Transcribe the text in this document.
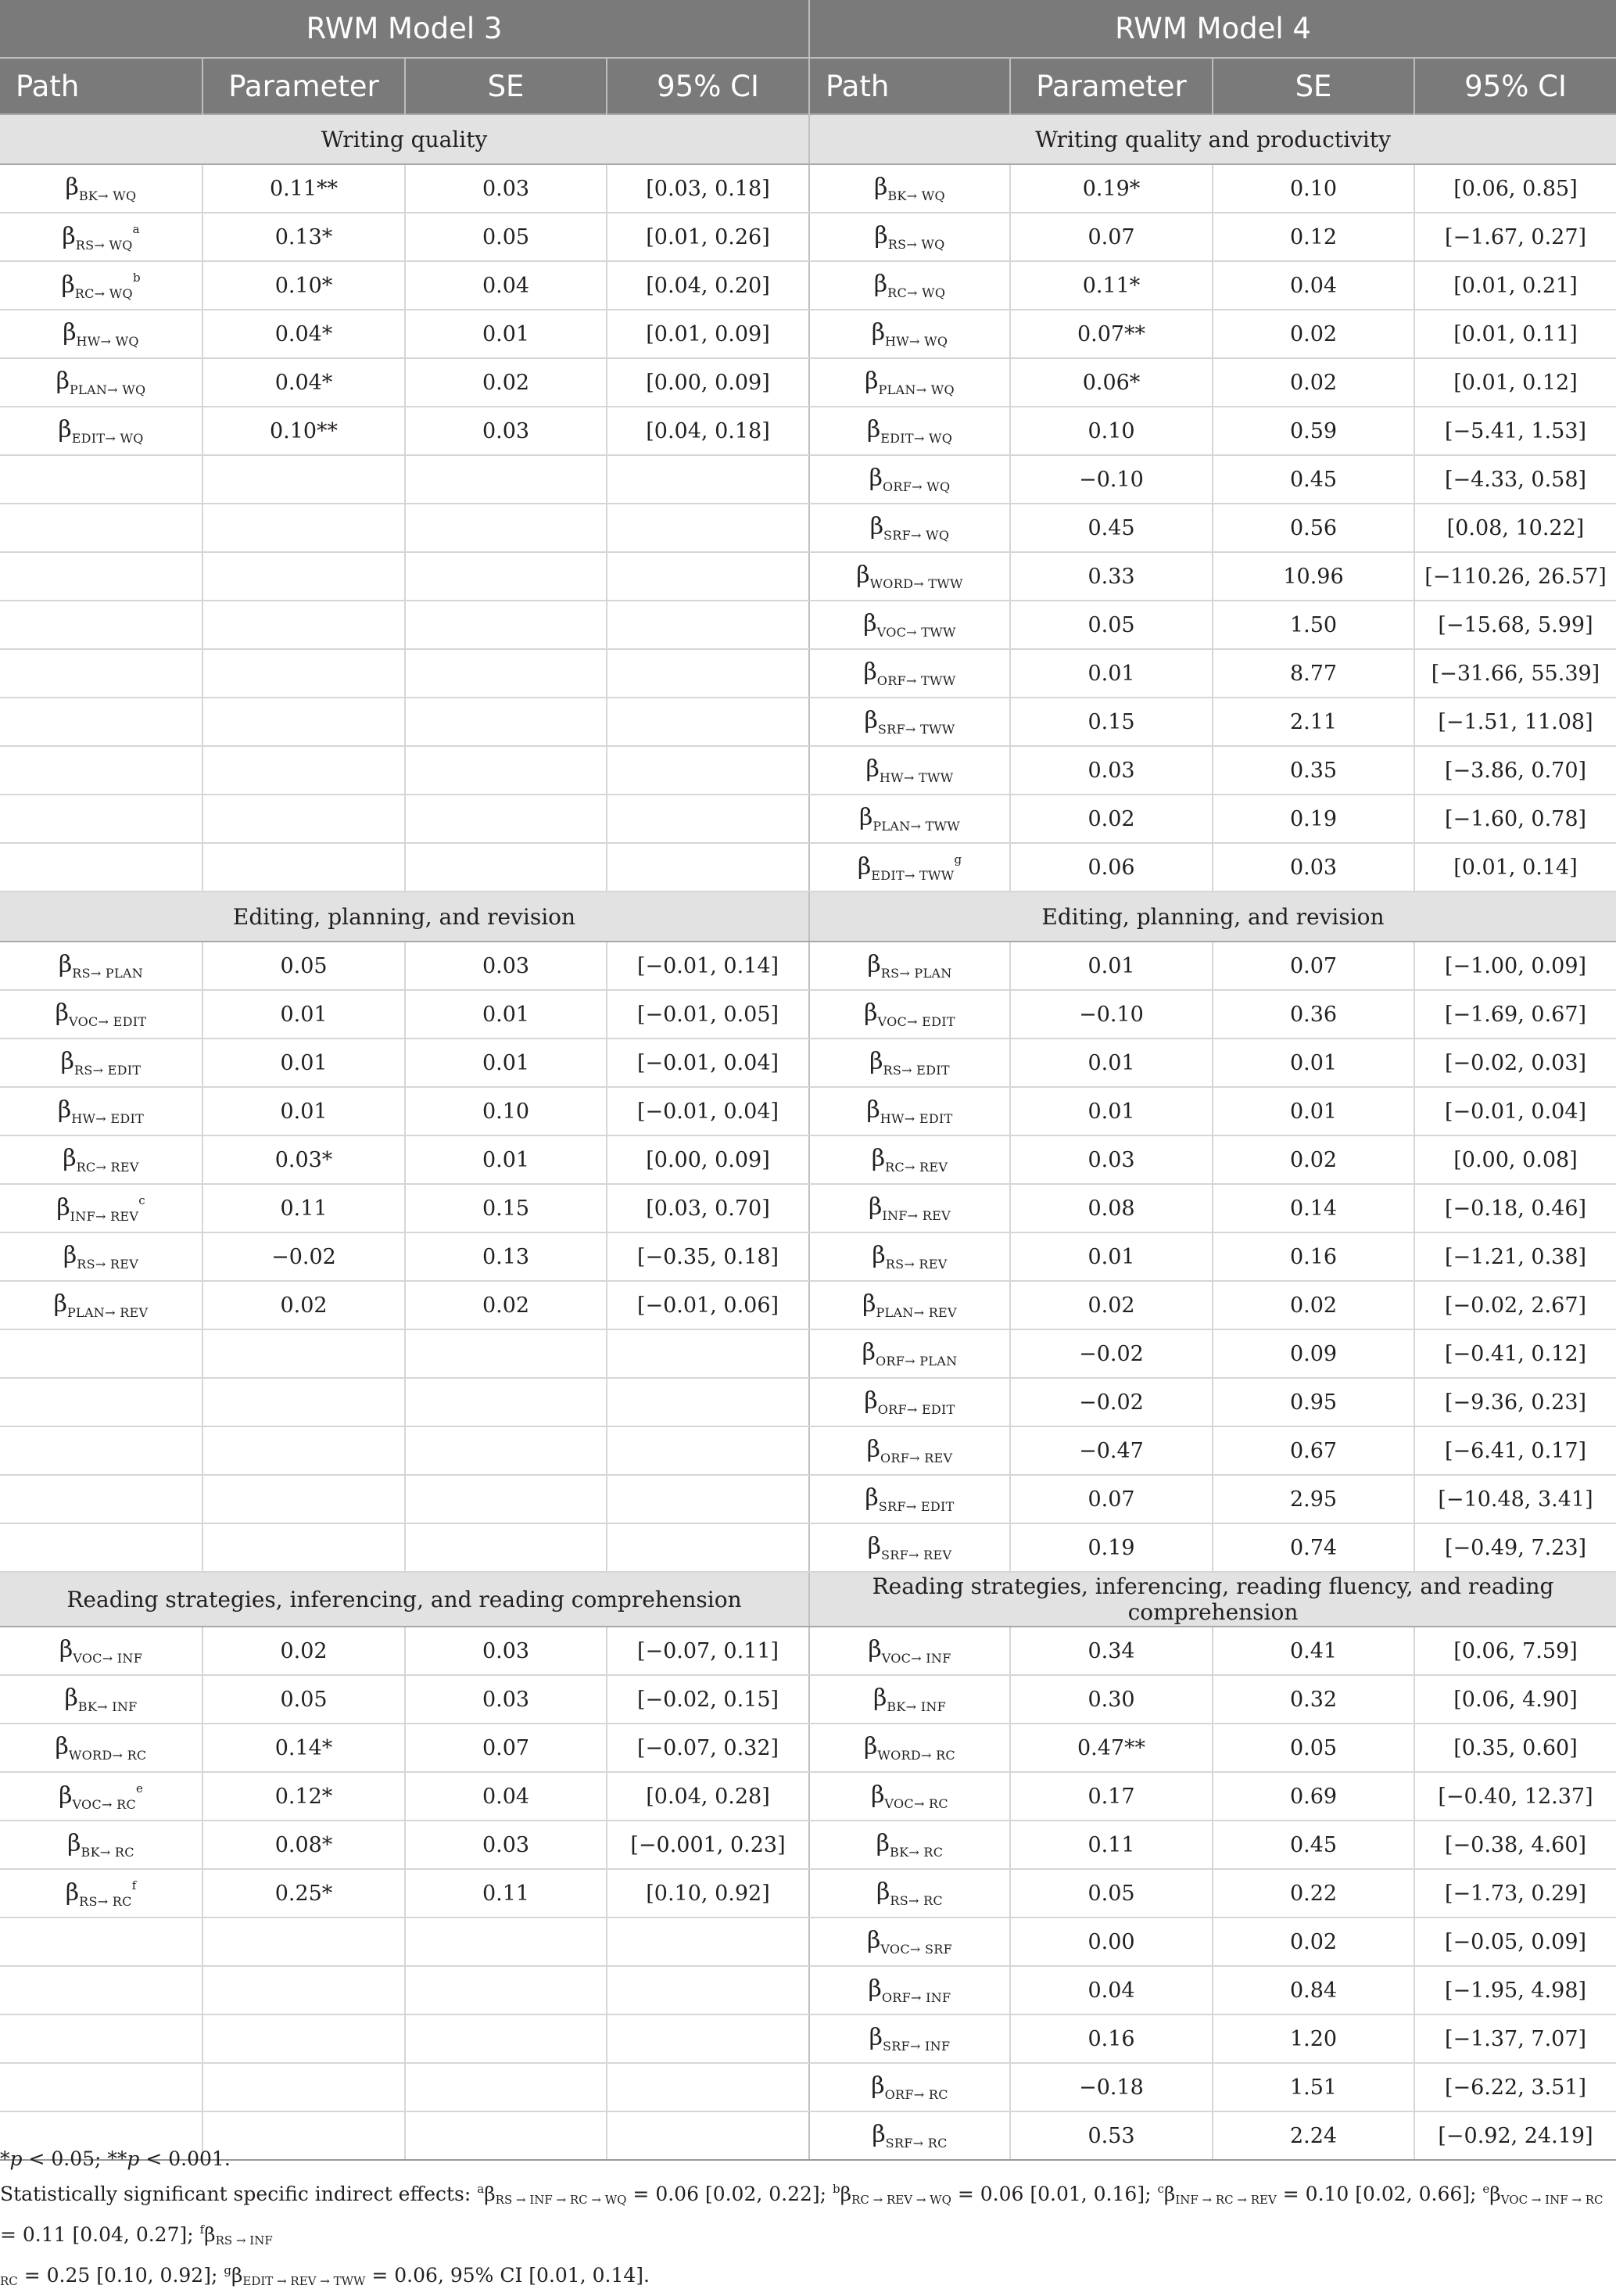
RWM Model 3				RWM Model 4			
Path	Parameter	SE	95% CI	Path	Parameter	SE	95% CI
Writing quality				Writing quality and productivity			
$\beta_{BK\to WQ}$	0.11**	0.03	[0.03, 0.18]	$\beta_{BK\to WQ}$	0.19*	0.10	[0.06, 0.85]
$\beta_{RS\to WQ}^a$	0.13*	0.05	[0.01, 0.26]	$\beta_{RS\to WQ}$	0.07	0.12	[−1.67, 0.27]
$\beta_{RC\to WQ}^b$	0.10*	0.04	[0.04, 0.20]	$\beta_{RC\to WQ}$	0.11*	0.04	[0.01, 0.21]
$\beta_{HW\to WQ}$	0.04*	0.01	[0.01, 0.09]	$\beta_{HW\to WQ}$	0.07**	0.02	[0.01, 0.11]
$\beta_{PLAN\to WQ}$	0.04*	0.02	[0.00, 0.09]	$\beta_{PLAN\to WQ}$	0.06*	0.02	[0.01, 0.12]
$\beta_{EDIT\to WQ}$	0.10**	0.03	[0.04, 0.18]	$\beta_{EDIT\to WQ}$	0.10	0.59	[−5.41, 1.53]
				$\beta_{ORF\to WQ}$	−0.10	0.45	[−4.33, 0.58]
				$\beta_{SRF\to WQ}$	0.45	0.56	[0.08, 10.22]
				$\beta_{WORD\to TWW}$	0.33	10.96	[−110.26, 26.57]
				$\beta_{VOC\to TWW}$	0.05	1.50	[−15.68, 5.99]
				$\beta_{ORF\to TWW}$	0.01	8.77	[−31.66, 55.39]
				$\beta_{SRF\to TWW}$	0.15	2.11	[−1.51, 11.08]
				$\beta_{HW\to TWW}$	0.03	0.35	[−3.86, 0.70]
				$\beta_{PLAN\to TWW}$	0.02	0.19	[−1.60, 0.78]
				$\beta_{EDIT\to TWW}^g$	0.06	0.03	[0.01, 0.14]
Editing, planning, and revision				Editing, planning, and revision			
$\beta_{RS\to PLAN}$	0.05	0.03	[−0.01, 0.14]	$\beta_{RS\to PLAN}$	0.01	0.07	[−1.00, 0.09]
$\beta_{VOC\to EDIT}$	0.01	0.01	[−0.01, 0.05]	$\beta_{VOC\to EDIT}$	−0.10	0.36	[−1.69, 0.67]
$\beta_{RS\to EDIT}$	0.01	0.01	[−0.01, 0.04]	$\beta_{RS\to EDIT}$	0.01	0.01	[−0.02, 0.03]
$\beta_{HW\to EDIT}$	0.01	0.10	[−0.01, 0.04]	$\beta_{HW\to EDIT}$	0.01	0.01	[−0.01, 0.04]
$\beta_{RC\to REV}$	0.03*	0.01	[0.00, 0.09]	$\beta_{RC\to REV}$	0.03	0.02	[0.00, 0.08]
$\beta_{INF\to REV}^c$	0.11	0.15	[0.03, 0.70]	$\beta_{INF\to REV}$	0.08	0.14	[−0.18, 0.46]
$\beta_{RS\to REV}$	−0.02	0.13	[−0.35, 0.18]	$\beta_{RS\to REV}$	0.01	0.16	[−1.21, 0.38]
$\beta_{PLAN\to REV}$	0.02	0.02	[−0.01, 0.06]	$\beta_{PLAN\to REV}$	0.02	0.02	[−0.02, 2.67]
				$\beta_{ORF\to PLAN}$	−0.02	0.09	[−0.41, 0.12]
				$\beta_{ORF\to EDIT}$	−0.02	0.95	[−9.36, 0.23]
				$\beta_{ORF\to REV}$	−0.47	0.67	[−6.41, 0.17]
				$\beta_{SRF\to EDIT}$	0.07	2.95	[−10.48, 3.41]
				$\beta_{SRF\to REV}$	0.19	0.74	[−0.49, 7.23]
Reading strategies, inferencing, and reading comprehension				Reading strategies, inferencing, reading fluency, and reading comprehension			
$\beta_{VOC\to INF}$	0.02	0.03	[−0.07, 0.11]	$\beta_{VOC\to INF}$	0.34	0.41	[0.06, 7.59]
$\beta_{BK\to INF}$	0.05	0.03	[−0.02, 0.15]	$\beta_{BK\to INF}$	0.30	0.32	[0.06, 4.90]
$\beta_{WORD\to RC}$	0.14*	0.07	[−0.07, 0.32]	$\beta_{WORD\to RC}$	0.47**	0.05	[0.35, 0.60]
$\beta_{VOC\to RC}^e$	0.12*	0.04	[0.04, 0.28]	$\beta_{VOC\to RC}$	0.17	0.69	[−0.40, 12.37]
$\beta_{BK\to RC}$	0.08*	0.03	[−0.001, 0.23]	$\beta_{BK\to RC}$	0.11	0.45	[−0.38, 4.60]
$\beta_{RS\to RC}^f$	0.25*	0.11	[0.10, 0.92]	$\beta_{RS\to RC}$	0.05	0.22	[−1.73, 0.29]
				$\beta_{VOC\to SRF}$	0.00	0.02	[−0.05, 0.09]
				$\beta_{ORF\to INF}$	0.04	0.84	[−1.95, 4.98]
				$\beta_{SRF\to INF}$	0.16	1.20	[−1.37, 7.07]
				$\beta_{ORF\to RC}$	−0.18	1.51	[−6.22, 3.51]
				$\beta_{SRF\to RC}$	0.53	2.24	[−0.92, 24.19]

*p < 0.05; **p < 0.001.

Statistically significant specific indirect effects: $^a$βRS → INF → RC → WQ = 0.06 [0.02, 0.22]; $^b$βRC → REV → WQ = 0.06 [0.01, 0.16]; $^c$βINF → RC → REV = 0.10 [0.02, 0.66]; $^e$βVOC → INF → RC = 0.11 [0.04, 0.27]; $^f$βRS → INF

RC = 0.25 [0.10, 0.92]; $^g$βEDIT → REV → TWW = 0.06, 95% CI [0.01, 0.14].
